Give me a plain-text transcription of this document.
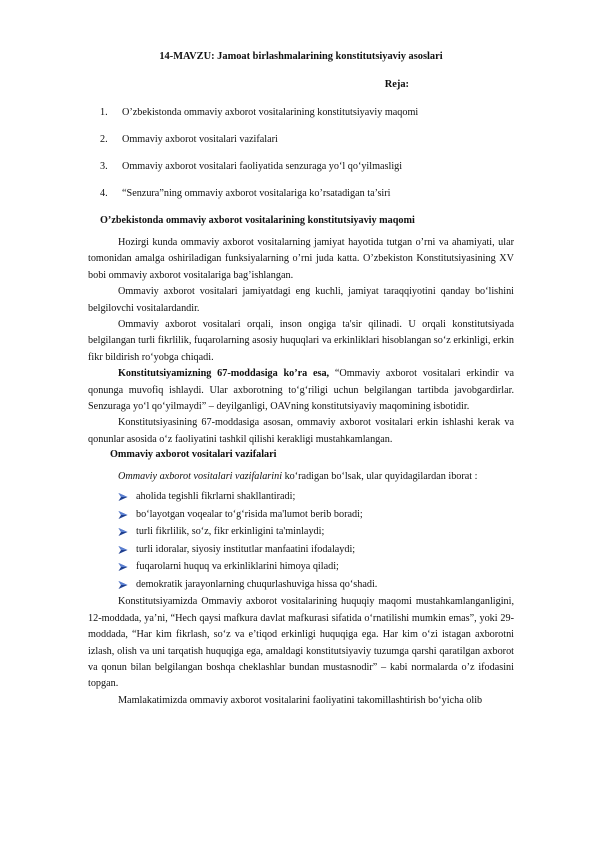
14-MAVZU: Jamoat birlashmalarining konstitutsiyaviy asoslari
Reja:
1.	O’zbekistonda ommaviy axborot vositalarining konstitutsiyaviy maqomi
2.	Ommaviy axborot vositalari vazifalari
3.	Ommaviy axborot vositalari faoliyatida senzuraga yo‘l qo‘yilmasligi
4.	“Senzura”ning ommaviy axborot vositalariga ko’rsatadigan ta’siri
O’zbekistonda ommaviy axborot vositalarining konstitutsiyaviy maqomi

Hozirgi kunda ommaviy axborot vositalarning jamiyat hayotida tutgan o’rni va ahamiyati, ular tomonidan amalga oshiriladigan funksiyalarning o’rni juda katta. O’zbekiston Konstitutsiyasining XV bobi ommaviy axborot vositalariga bag’ishlangan.

Ommaviy axborot vositalari jamiyatdagi eng kuchli, jamiyat taraqqiyotini qanday bo‘lishini belgilovchi vositalardandir.

Ommaviy axborot vositalari orqali, inson ongiga ta'sir qilinadi. U orqali konstitutsiyada belgilangan turli fikrlilik, fuqarolarning asosiy huquqlari va erkinliklari hisoblangan so‘z erkinligi, erkin fikr bildirish ro‘yobga chiqadi.

Konstitutsiyamizning 67-moddasiga ko’ra esa, “Ommaviy axborot vositalari erkindir va qonunga muvofiq ishlaydi. Ular axborotning to‘g‘riligi uchun belgilangan tartibda javobgardirlar. Senzuraga yo‘l qo‘yilmaydi” – deyilganligi, OAVning konstitutsiyaviy maqomining isbotidir.

Konstitutsiyasining 67-moddasiga asosan, ommaviy axborot vositalari erkin ishlashi kerak va qonunlar asosida o‘z faoliyatini tashkil qilishi kerakligi mustahkamlangan.

Ommaviy axborot vositalari vazifalari
Ommaviy axborot vositalari vazifalarini ko‘radigan bo‘lsak, ular quyidagilardan iborat :
aholida tegishli fikrlarni shakllantiradi;
bo‘layotgan voqealar to‘g‘risida ma'lumot berib boradi;
turli fikrlilik, so‘z, fikr erkinligini ta'minlaydi;
turli idoralar, siyosiy institutlar manfaatini ifodalaydi;
fuqarolarni huquq va erkinliklarini himoya qiladi;
demokratik jarayonlarning chuqurlashuviga hissa qo‘shadi.

Konstitutsiyamizda Ommaviy axborot vositalarining huquqiy maqomi mustahkamlanganligini, 12-moddada, ya’ni, “Hech qaysi mafkura davlat mafkurasi sifatida o‘rnatilishi mumkin emas”, yoki 29-moddada, “Har kim fikrlash, so‘z va e’tiqod erkinligi huquqiga ega. Har kim o‘zi istagan axborotni izlash, olish va uni tarqatish huquqiga ega, amaldagi konstitutsiyaviy tuzumga qarshi qaratilgan axborot va qonun bilan belgilangan boshqa cheklashlar bundan mustasnodir” – kabi normalarda o’z ifodasini topgan.

Mamlakatimizda ommaviy axborot vositalarini faoliyatini takomillashtirish bo‘yicha olib
